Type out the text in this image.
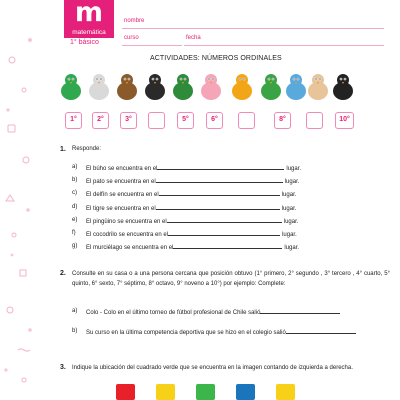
m
matemática
1° básico
nombre
curso	fecha
ACTIVIDADES: NÚMEROS ORDINALES
1°	2°	3°	5°	6°	8°	10°
1. Responde:
a) El búho se encuentra en el	lugar.
b) El pato se encuentra en el	lugar.
c) El delfín se encuentra en el	lugar.
d) El tigre se encuentra en el	lugar.
e) El pingüino se encuentra en el	lugar.
f) El cocodrilo se encuentra en el	lugar.
g) El murciélago se encuentra en el	lugar.
2. Consulte en su casa o a una persona cercana que posición obtuvo (1° primero, 2° segundo , 3° tercero , 4° cuarto, 5° quinto, 6° sexto, 7° séptimo, 8° octavo, 9° noveno a 10°) por ejemplo: Complete:
a) Colo - Colo en el último torneo de fútbol profesional de Chile salió
b) Su curso en la última competencia deportiva que se hizo en el colegio salió
3. Indique la ubicación del cuadrado verde que se encuentra en la imagen contando de izquierda a derecha.
